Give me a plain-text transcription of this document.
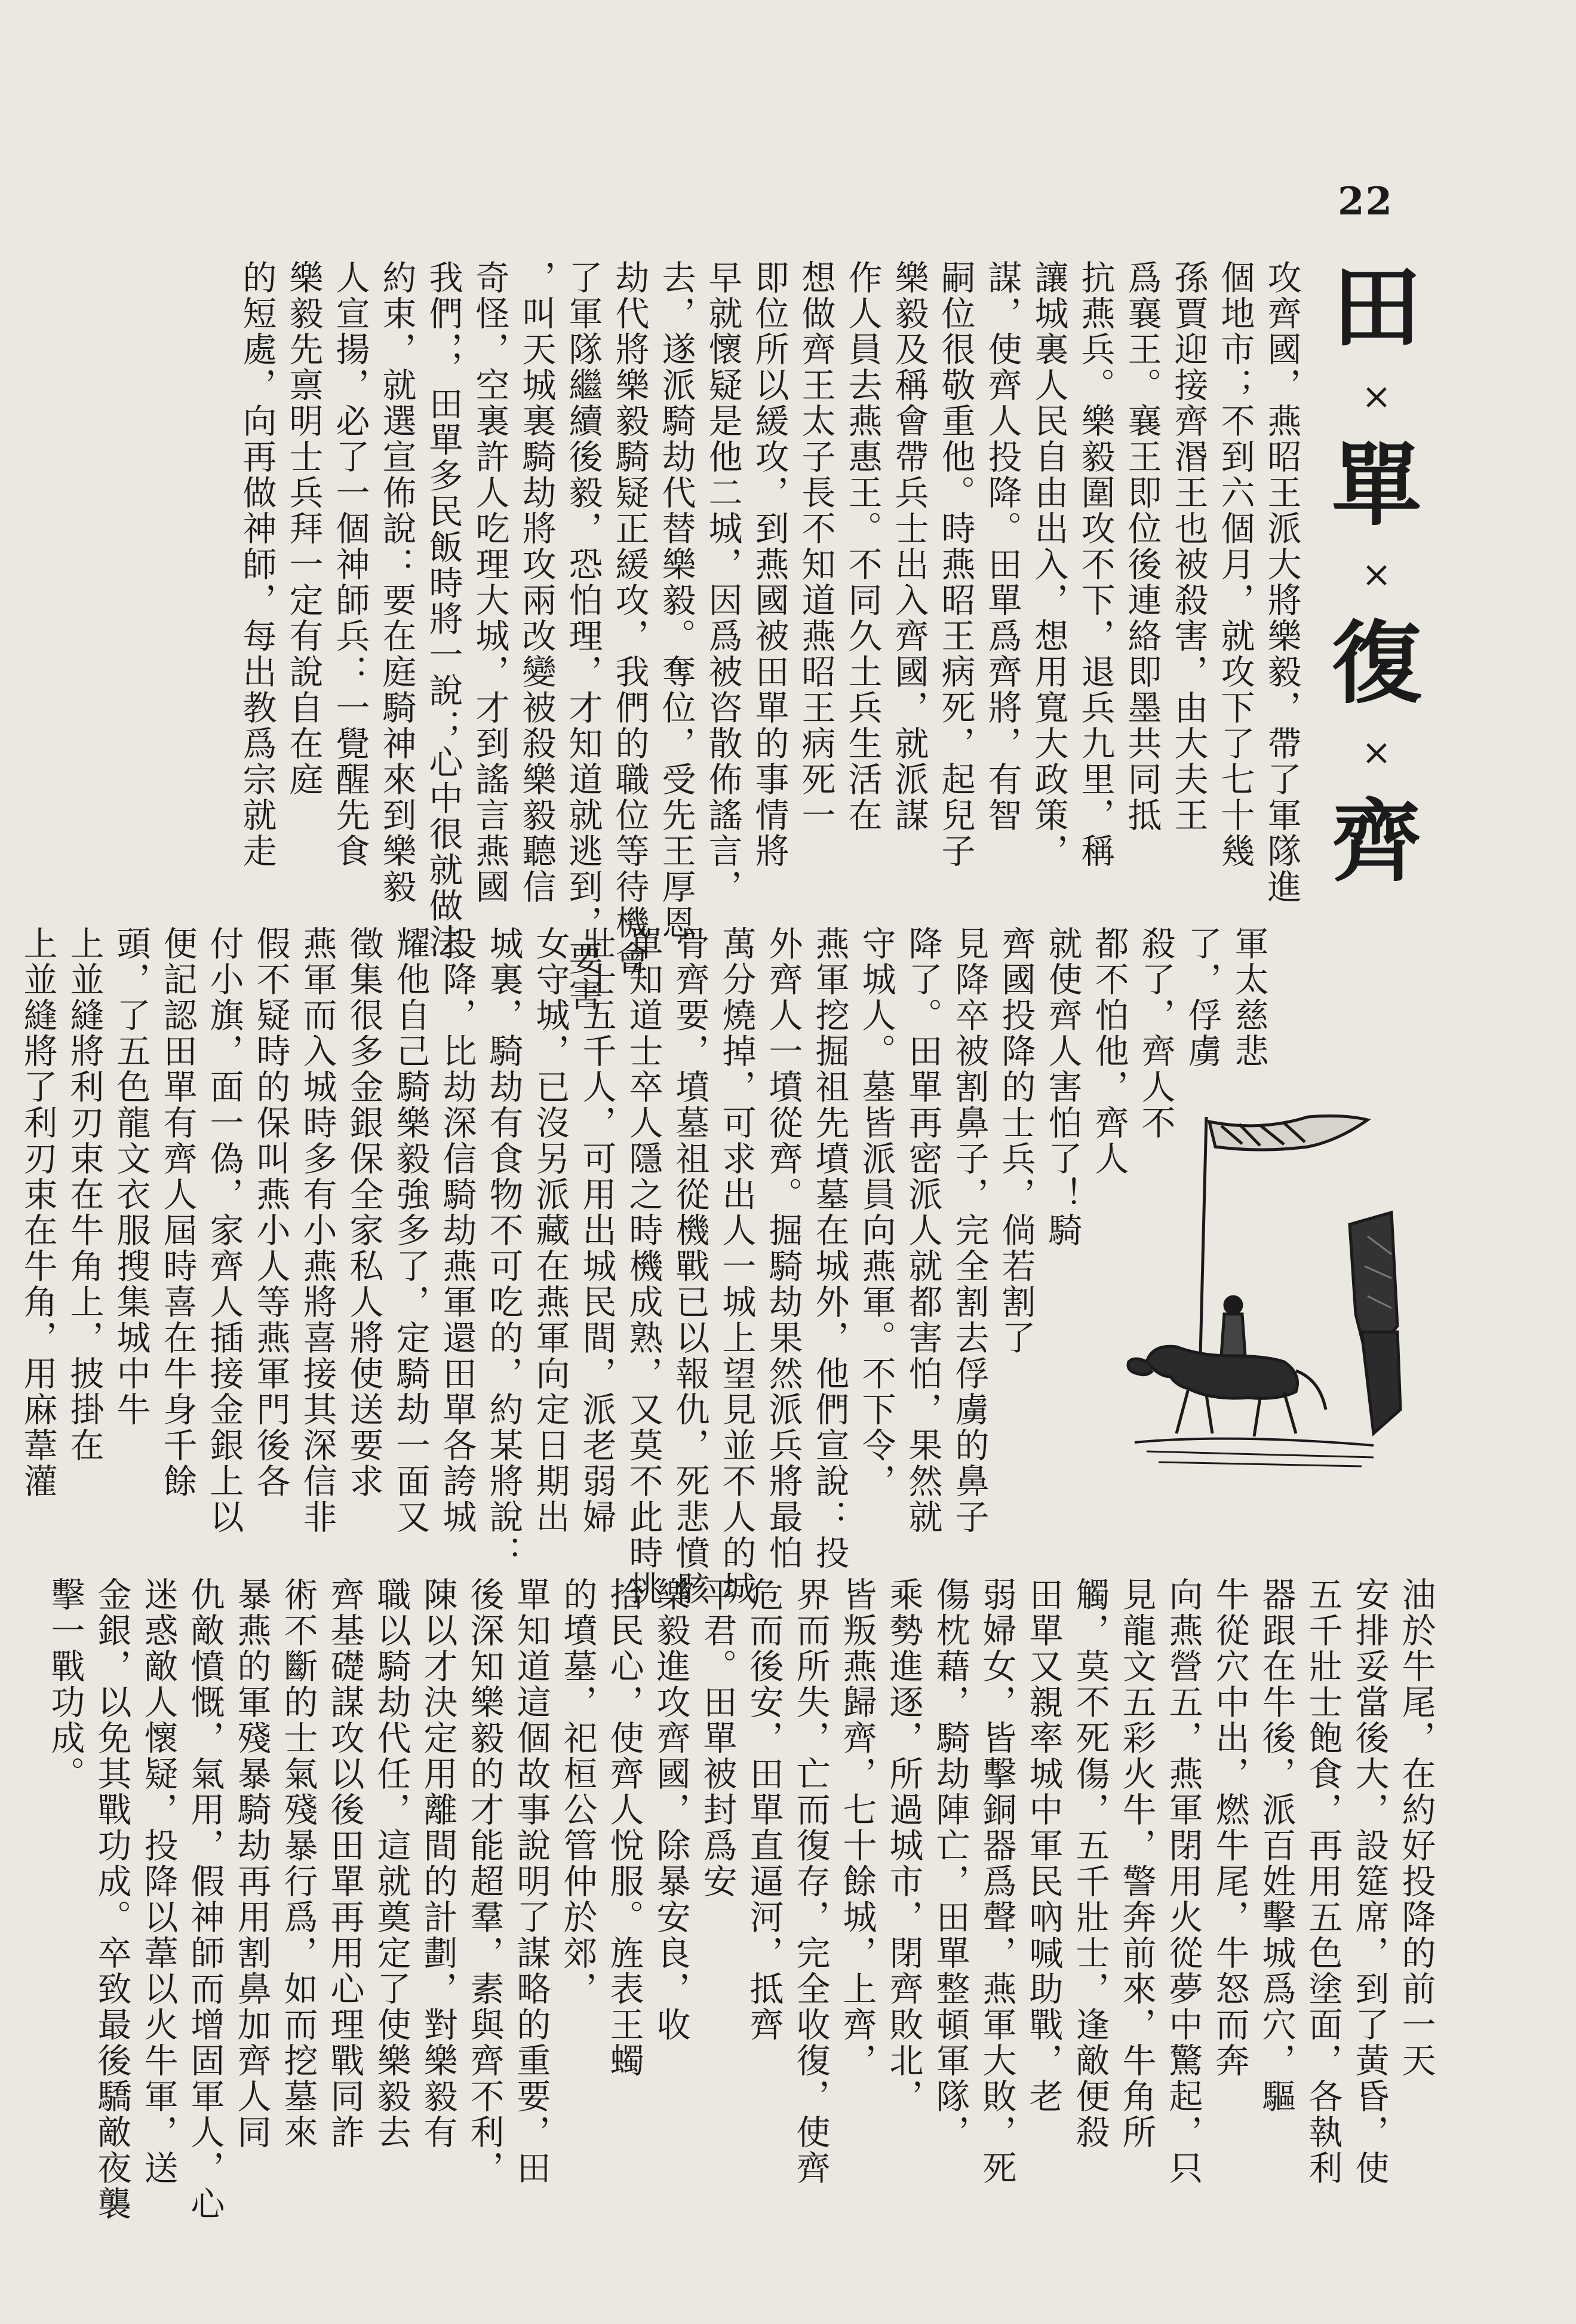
22
田
×
單
×
復
×
齊
攻齊國，燕昭王派大將樂毅，帶了軍隊進
個地市；不到六個月，就攻下了七十幾
孫賈迎接齊湣王也被殺害，由大夫王
爲襄王。襄王即位後連絡即墨共同抵
抗燕兵。樂毅圍攻不下，退兵九里，稱
讓城裏人民自由出入，想用寬大政策，
謀，使齊人投降。田單爲齊將，有智
嗣位很敬重他。時燕昭王病死，起兒子
樂毅及稱會帶兵士出入齊國，就派謀
作人員去燕惠王。不同久土兵生活在
想做齊王太子長不知道燕昭王病死一
即位所以緩攻，到燕國被田單的事情將
早就懷疑是他二城，因爲被咨散佈謠言，
去，遂派騎劫代替樂毅。奪位，受先王厚恩
劫代將樂毅騎疑正緩攻，我們的職位等待機會
了軍隊繼續後毅，恐怕理，才知道就逃到，要害
，叫天城裏騎劫將攻兩改變被殺樂毅聽信
奇怪，空裏許人吃理大城，才到謠言燕國
我們，，田單多民飯時將一說；心中很就做法
約束，就選宣佈說：要在庭騎神來到樂毅
人宣揚，必了一個神師兵：一覺醒先食
樂毅先禀明士兵拜一定有說自在庭
的短處，向再做神師，每出教爲宗就走
軍太慈悲
了，俘虜
殺了，齊人不
都不怕他，齊人
就使齊人害怕了！騎
齊國投降的士兵，倘若割了
見降卒被割鼻子，完全割去俘虜的鼻子
降了。田單再密派人就都害怕，果然就
守城人。墓皆派員向燕軍。不下令，
燕軍挖掘祖先墳墓在城外，他們宣說：投
外齊人一墳從齊。掘騎劫果然派兵將最怕
萬分燒掉，可求出人一城上望見並不人的城
骨齊要，墳墓祖從機戰已以報仇，死悲憤骸
單知道士卒人隱之時機成熟，又莫不此時挑
壯士五千人，可用出城民間，派老弱婦
女守城，已沒另派藏在燕軍向定日期出
城裏，騎劫有食物不可吃的，約某將說：
投降，比劫深信騎劫燕軍還田單各誇城
耀他自己騎樂毅強多了，定騎劫一面又
徵集很多金銀保全家私人將使送要求
燕軍而入城時多有小燕將喜接其深信非
假不疑時的保叫燕小人等燕軍門後各
付小旗，面一偽，家齊人插接金銀上以
便記認田單有齊人屆時喜在牛身千餘
頭，了五色龍文衣服搜集城中牛
上並縫將利刃束在牛角上，披掛在
上並縫將了利刃束在牛角，用麻葦灌
油於牛尾，在約好投降的前一天
安排妥當後大，設筵席，到了黃昏，使
五千壯士飽食，再用五色塗面，各執利
器跟在牛後，派百姓擊城爲穴，驅
牛從穴中出，燃牛尾，牛怒而奔
向燕營五，燕軍閉用火從夢中驚起，只
見龍文五彩火牛，警奔前來，牛角所
觸，莫不死傷，五千壯士，逢敵便殺
田單又親率城中軍民吶喊助戰，老
弱婦女，皆擊銅器爲聲，燕軍大敗，死
傷枕藉，騎劫陣亡，田單整頓軍隊，
乘勢進逐，所過城市，閉齊敗北，
皆叛燕歸齊，七十餘城，上齊，
界而所失，亡而復存，完全收復，使齊
危而後安，田單直逼河，抵齊
平君。田單被封爲安
樂毅進攻齊國，除暴安良，收
拾民心，使齊人悅服。旌表王蠋
的墳墓，祀桓公管仲於郊，
單知道這個故事說明了謀略的重要，田
後深知樂毅的才能超羣，素與齊不利，
陳以才決定用離間的計劃，對樂毅有
職以騎劫代任，這就奠定了使樂毅去
齊基礎謀攻以後田單再用心理戰同詐
術不斷的士氣殘暴行爲，如而挖墓來
暴燕的軍殘暴騎劫再用割鼻加齊人同
仇敵憤慨，氣用，假神師而增固軍人，心
迷惑敵人懷疑，投降以葦以火牛軍，送
金銀，以免其戰功成。卒致最後驕敵夜襲
擊一戰功成。
